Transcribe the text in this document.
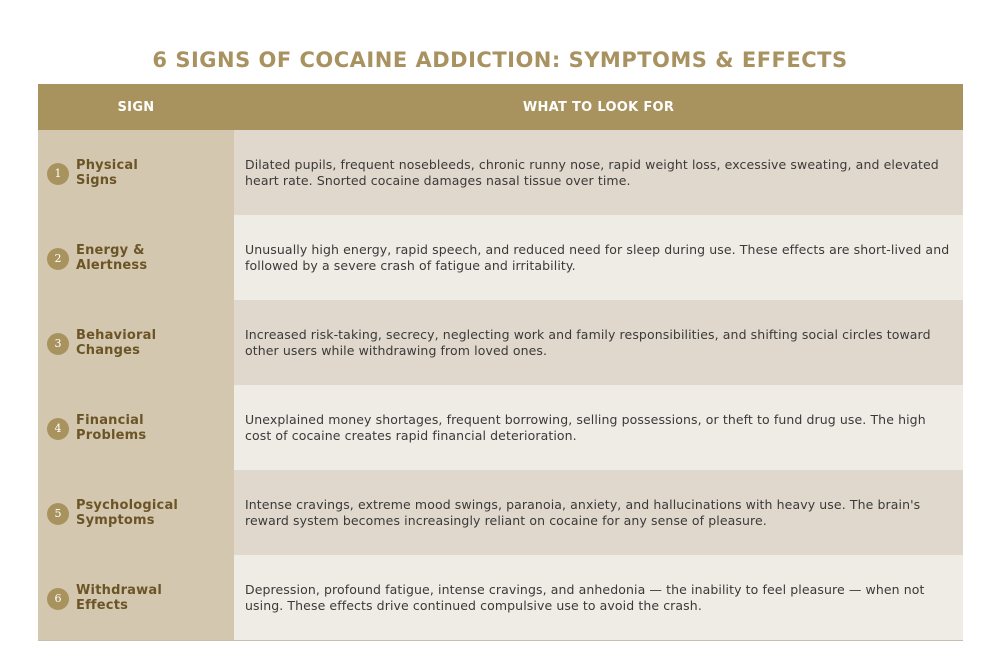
6 SIGNS OF COCAINE ADDICTION: SYMPTOMS & EFFECTS
SIGN	WHAT TO LOOK FOR
1
Physical
Signs
Dilated pupils, frequent nosebleeds, chronic runny nose, rapid weight loss, excessive sweating, and elevated heart rate. Snorted cocaine damages nasal tissue over time.
2
Energy &
Alertness
Unusually high energy, rapid speech, and reduced need for sleep during use. These effects are short-lived and followed by a severe crash of fatigue and irritability.
3
Behavioral
Changes
Increased risk-taking, secrecy, neglecting work and family responsibilities, and shifting social circles toward other users while withdrawing from loved ones.
4
Financial
Problems
Unexplained money shortages, frequent borrowing, selling possessions, or theft to fund drug use. The high cost of cocaine creates rapid financial deterioration.
5
Psychological
Symptoms
Intense cravings, extreme mood swings, paranoia, anxiety, and hallucinations with heavy use. The brain's reward system becomes increasingly reliant on cocaine for any sense of pleasure.
6
Withdrawal
Effects
Depression, profound fatigue, intense cravings, and anhedonia — the inability to feel pleasure — when not using. These effects drive continued compulsive use to avoid the crash.
